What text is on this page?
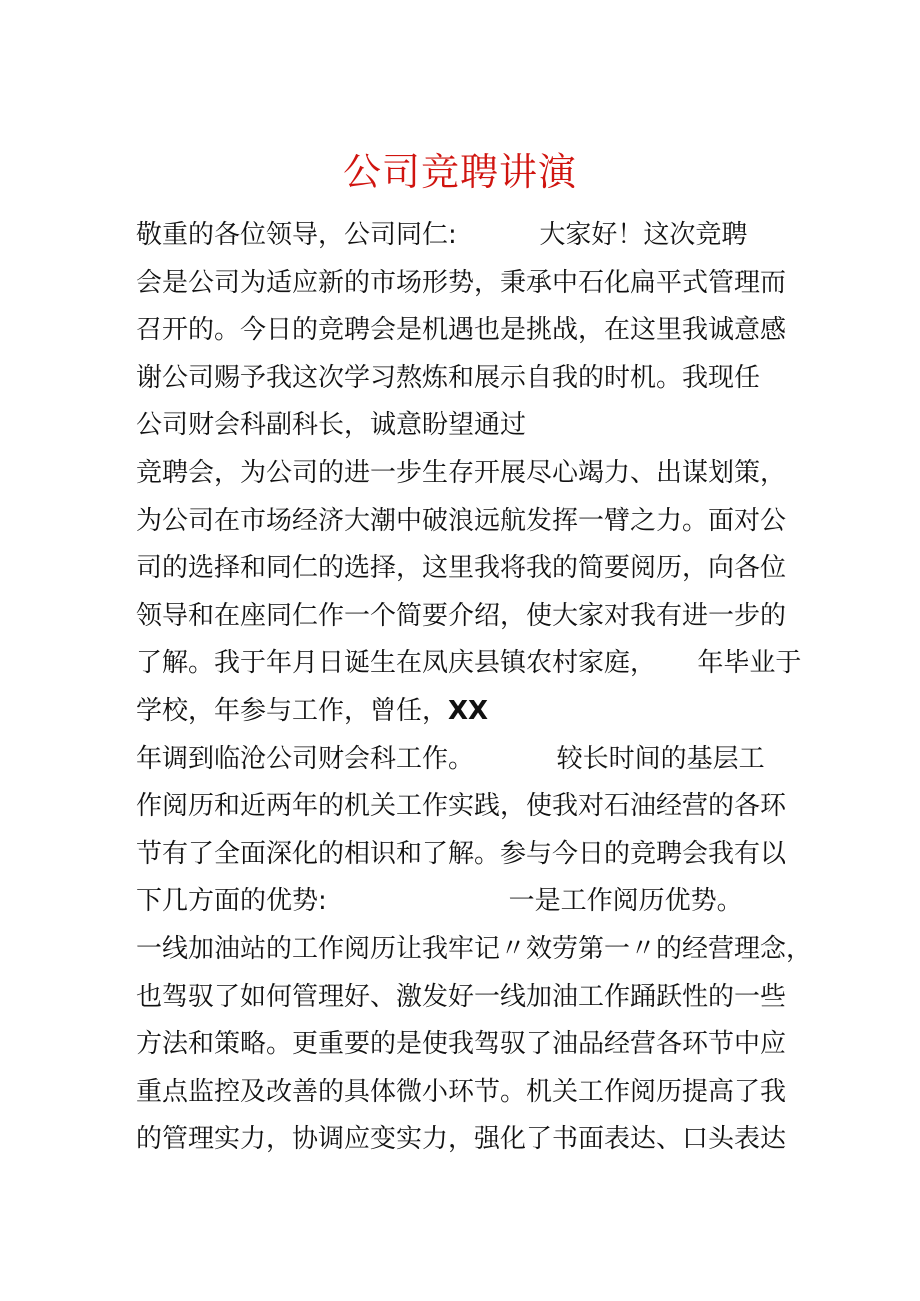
公司竞聘讲演
敬重的各位领导，公司同仁:          大家好！这次竞聘
会是公司为适应新的市场形势，秉承中石化扁平式管理而
召开的。今日的竞聘会是机遇也是挑战，在这里我诚意感
谢公司赐予我这次学习熬炼和展示自我的时机。我现任
公司财会科副科长，诚意盼望通过
竞聘会，为公司的进一步生存开展尽心竭力、出谋划策，
为公司在市场经济大潮中破浪远航发挥一臂之力。面对公
司的选择和同仁的选择，这里我将我的简要阅历，向各位
领导和在座同仁作一个简要介绍，使大家对我有进一步的
了解。我于年月日诞生在凤庆县镇农村家庭，     年毕业于
学校，年参与工作，曾任，XX
年调到临沧公司财会科工作。          较长时间的基层工
作阅历和近两年的机关工作实践，使我对石油经营的各环
节有了全面深化的相识和了解。参与今日的竞聘会我有以
下几方面的优势:                      一是工作阅历优势。
一线加油站的工作阅历让我牢记〃效劳第一〃的经营理念，
也驾驭了如何管理好、激发好一线加油工作踊跃性的一些
方法和策略。更重要的是使我驾驭了油品经营各环节中应
重点监控及改善的具体微小环节。机关工作阅历提高了我
的管理实力，协调应变实力，强化了书面表达、口头表达
